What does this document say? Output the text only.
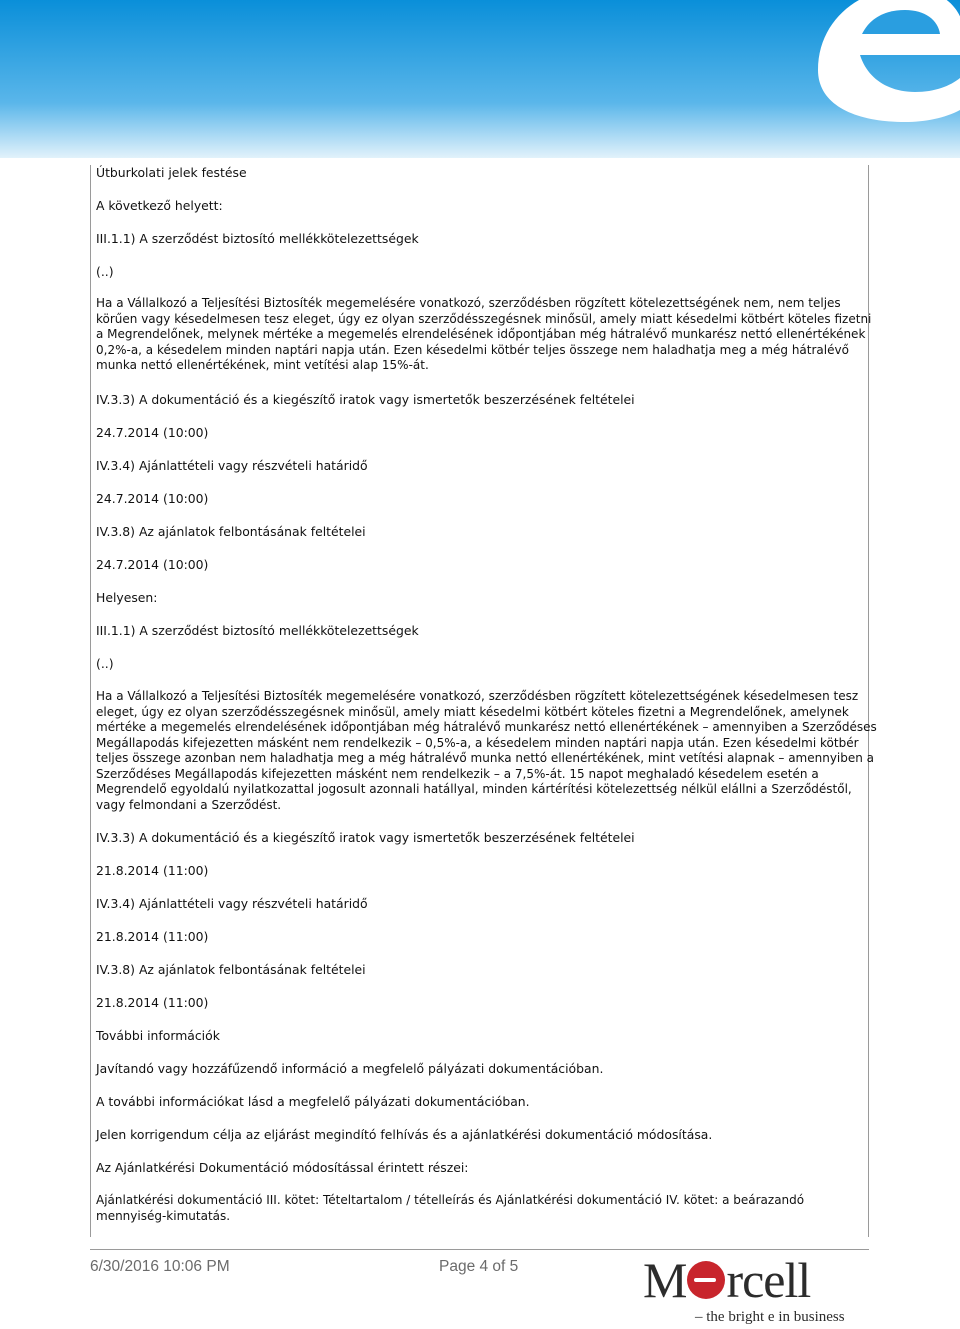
Útburkolati jelek festése
A következő helyett:
III.1.1) A szerződést biztosító mellékkötelezettségek
(..)
Ha a Vállalkozó a Teljesítési Biztosíték megemelésére vonatkozó, szerződésben rögzített kötelezettségének nem, nem teljes
körűen vagy késedelmesen tesz eleget, úgy ez olyan szerződésszegésnek minősül, amely miatt késedelmi kötbért köteles fizetni
a Megrendelőnek, melynek mértéke a megemelés elrendelésének időpontjában még hátralévő munkarész nettó ellenértékének
0,2%-a, a késedelem minden naptári napja után. Ezen késedelmi kötbér teljes összege nem haladhatja meg a még hátralévő
munka nettó ellenértékének, mint vetítési alap 15%-át.
IV.3.3) A dokumentáció és a kiegészítő iratok vagy ismertetők beszerzésének feltételei
24.7.2014 (10:00)
IV.3.4) Ajánlattételi vagy részvételi határidő
24.7.2014 (10:00)
IV.3.8) Az ajánlatok felbontásának feltételei
24.7.2014 (10:00)
Helyesen:
III.1.1) A szerződést biztosító mellékkötelezettségek
(..)
Ha a Vállalkozó a Teljesítési Biztosíték megemelésére vonatkozó, szerződésben rögzített kötelezettségének késedelmesen tesz
eleget, úgy ez olyan szerződésszegésnek minősül, amely miatt késedelmi kötbért köteles fizetni a Megrendelőnek, amelynek
mértéke a megemelés elrendelésének időpontjában még hátralévő munkarész nettó ellenértékének – amennyiben a Szerződéses
Megállapodás kifejezetten másként nem rendelkezik – 0,5%-a, a késedelem minden naptári napja után. Ezen késedelmi kötbér
teljes összege azonban nem haladhatja meg a még hátralévő munka nettó ellenértékének, mint vetítési alapnak – amennyiben a
Szerződéses Megállapodás kifejezetten másként nem rendelkezik – a 7,5%-át. 15 napot meghaladó késedelem esetén a
Megrendelő egyoldalú nyilatkozattal jogosult azonnali hatállyal, minden kártérítési kötelezettség nélkül elállni a Szerződéstől,
vagy felmondani a Szerződést.
IV.3.3) A dokumentáció és a kiegészítő iratok vagy ismertetők beszerzésének feltételei
21.8.2014 (11:00)
IV.3.4) Ajánlattételi vagy részvételi határidő
21.8.2014 (11:00)
IV.3.8) Az ajánlatok felbontásának feltételei
21.8.2014 (11:00)
További információk
Javítandó vagy hozzáfűzendő információ a megfelelő pályázati dokumentációban.
A további információkat lásd a megfelelő pályázati dokumentációban.
Jelen korrigendum célja az eljárást megindító felhívás és a ajánlatkérési dokumentáció módosítása.
Az Ajánlatkérési Dokumentáció módosítással érintett részei:
Ajánlatkérési dokumentáció III. kötet: Tételtartalom / tételleírás és Ajánlatkérési dokumentáció IV. kötet: a beárazandó
mennyiség-kimutatás.
6/30/2016 10:06 PM	Page 4 of 5 M rcell
– the bright e in business
